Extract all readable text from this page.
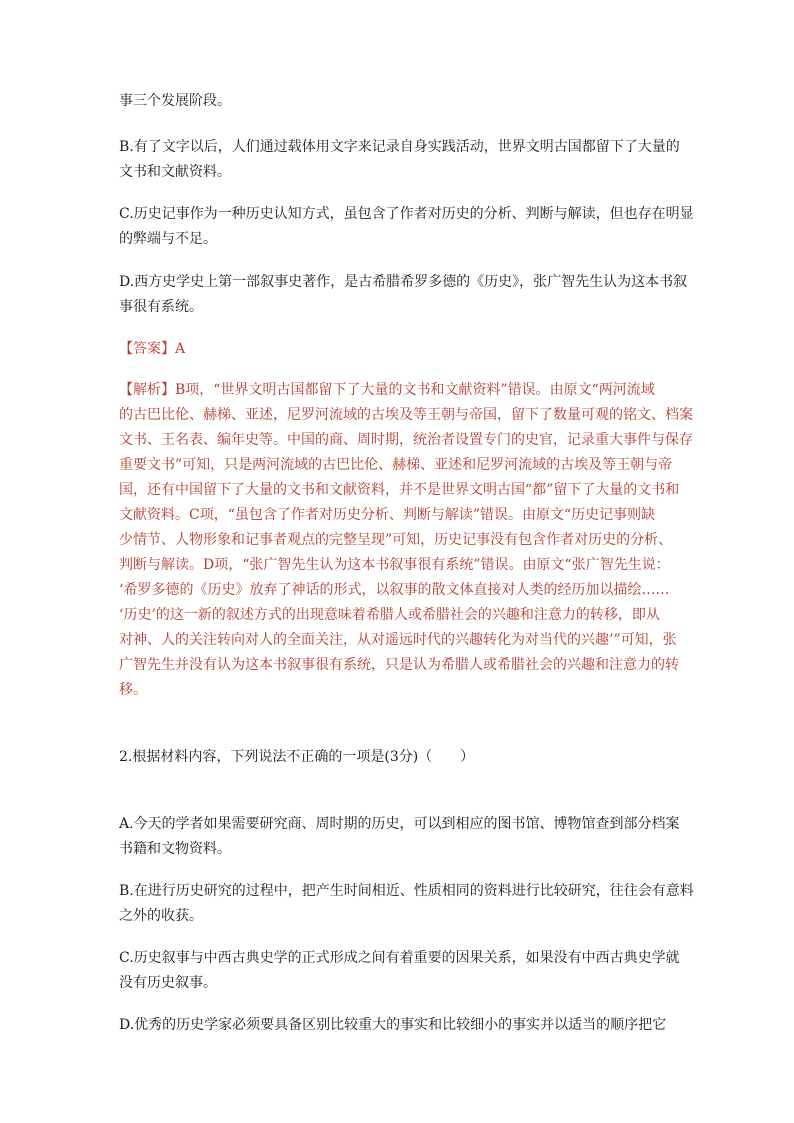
事三个发展阶段。
B.有了文字以后，人们通过载体用文字来记录自身实践活动，世界文明古国都留下了大量的
文书和文献资料。
C.历史记事作为一种历史认知方式，虽包含了作者对历史的分析、判断与解读，但也存在明显
的弊端与不足。
D.西方史学史上第一部叙事史著作，是古希腊希罗多德的《历史》，张广智先生认为这本书叙
事很有系统。
【答案】A
【解析】B项，“世界文明古国都留下了大量的文书和文献资料”错误。由原文“两河流域
的古巴比伦、赫梯、亚述，尼罗河流域的古埃及等王朝与帝国，留下了数量可观的铭文、档案
文书、王名表、编年史等。中国的商、周时期，统治者设置专门的史官，记录重大事件与保存
重要文书”可知，只是两河流域的古巴比伦、赫梯、亚述和尼罗河流域的古埃及等王朝与帝
国，还有中国留下了大量的文书和文献资料，并不是世界文明古国“都”留下了大量的文书和
文献资料。C项，“虽包含了作者对历史分析、判断与解读”错误。由原文“历史记事则缺
少情节、人物形象和记事者观点的完整呈现”可知，历史记事没有包含作者对历史的分析、
判断与解读。D项，“张广智先生认为这本书叙事很有系统”错误。由原文“张广智先生说：
‘希罗多德的《历史》放弃了神话的形式，以叙事的散文体直接对人类的经历加以描绘……
‘历史’的这一新的叙述方式的出现意味着希腊人或希腊社会的兴趣和注意力的转移，即从
对神、人的关注转向对人的全面关注，从对遥远时代的兴趣转化为对当代的兴趣’”可知，张
广智先生并没有认为这本书叙事很有系统，只是认为希腊人或希腊社会的兴趣和注意力的转
移。
2.根据材料内容，下列说法不正确的一项是(3分)（　　）
A.今天的学者如果需要研究商、周时期的历史，可以到相应的图书馆、博物馆查到部分档案
书籍和文物资料。
B.在进行历史研究的过程中，把产生时间相近、性质相同的资料进行比较研究，往往会有意料
之外的收获。
C.历史叙事与中西古典史学的正式形成之间有着重要的因果关系，如果没有中西古典史学就
没有历史叙事。
D.优秀的历史学家必须要具备区别比较重大的事实和比较细小的事实并以适当的顺序把它
